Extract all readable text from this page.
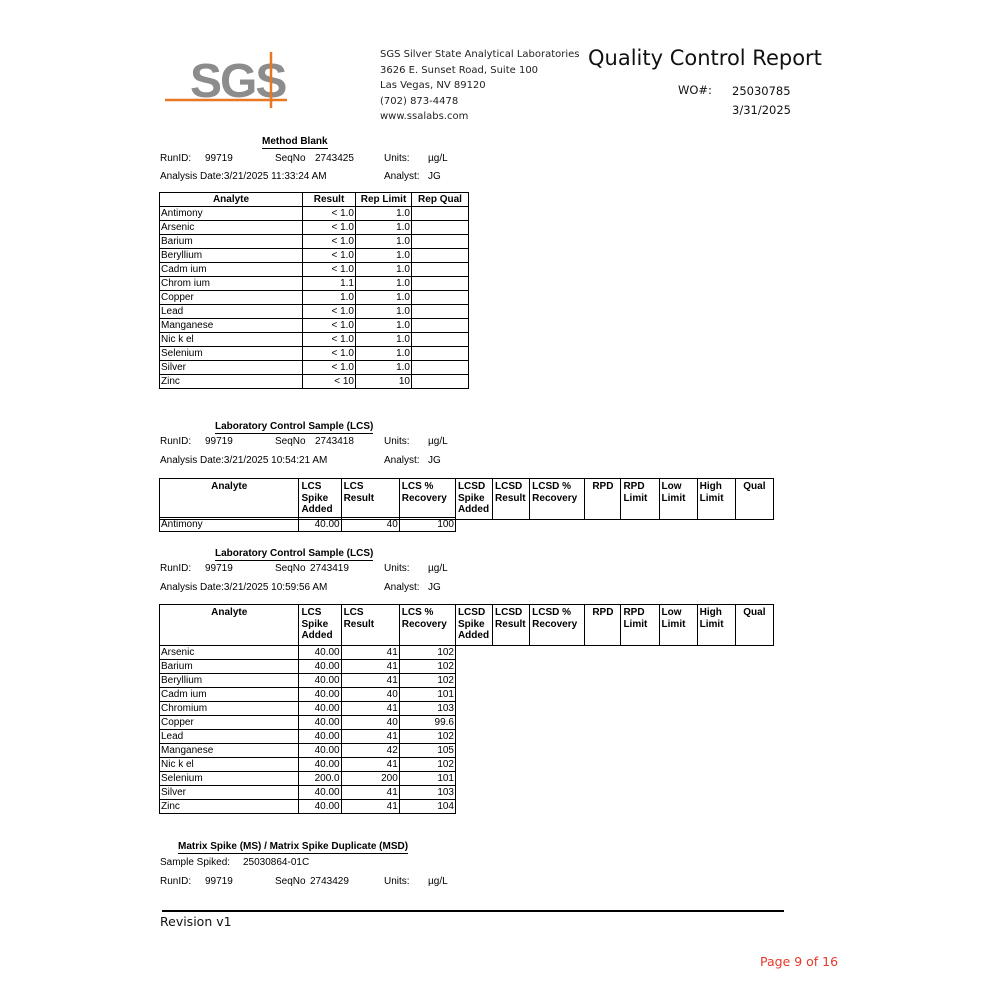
SGS
SGS Silver State Analytical Laboratories
3626 E. Sunset Road, Suite 100
Las Vegas, NV 89120
(702) 873-4478
www.ssalabs.com
Quality Control Report
WO#: 25030785
3/31/2025
Method Blank
RunID: 99719	SeqNo 2743425	Units: µg/L
Analysis Date:3/21/2025 11:33:24 AM	Analyst: JG
Analyte	Result	Rep Limit	Rep Qual
Antimony	< 1.0	1.0	
Arsenic	< 1.0	1.0	
Barium	< 1.0	1.0	
Beryllium	< 1.0	1.0	
Cadm ium	< 1.0	1.0	
Chrom ium	1.1	1.0	
Copper	1.0	1.0	
Lead	< 1.0	1.0	
Manganese	< 1.0	1.0	
Nic k el	< 1.0	1.0	
Selenium	< 1.0	1.0	
Silver	< 1.0	1.0	
Zinc	< 10	10	
Laboratory Control Sample (LCS)
RunID: 99719	SeqNo 2743418	Units: µg/L
Analysis Date:3/21/2025 10:54:21 AM	Analyst: JG
Analyte	LCS Spike Added	LCS Result	LCS % Recovery	LCSD Spike Added	LCSD Result	LCSD % Recovery	RPD	RPD Limit	Low Limit	High Limit	Qual
Antimony	40.00	40	100
Laboratory Control Sample (LCS)
RunID: 99719	SeqNo 2743419	Units: µg/L
Analysis Date:3/21/2025 10:59:56 AM	Analyst: JG
Analyte	LCS Spike Added	LCS Result	LCS % Recovery	LCSD Spike Added	LCSD Result	LCSD % Recovery	RPD	RPD Limit	Low Limit	High Limit	Qual
Arsenic	40.00	41	102
Barium	40.00	41	102
Beryllium	40.00	41	102
Cadm ium	40.00	40	101
Chromium	40.00	41	103
Copper	40.00	40	99.6
Lead	40.00	41	102
Manganese	40.00	42	105
Nic k el	40.00	41	102
Selenium	200.0	200	101
Silver	40.00	41	103
Zinc	40.00	41	104
Matrix Spike (MS) / Matrix Spike Duplicate (MSD)
Sample Spiked: 25030864-01C
RunID: 99719	SeqNo 2743429	Units: µg/L
Revision v1
Page 9 of 16
